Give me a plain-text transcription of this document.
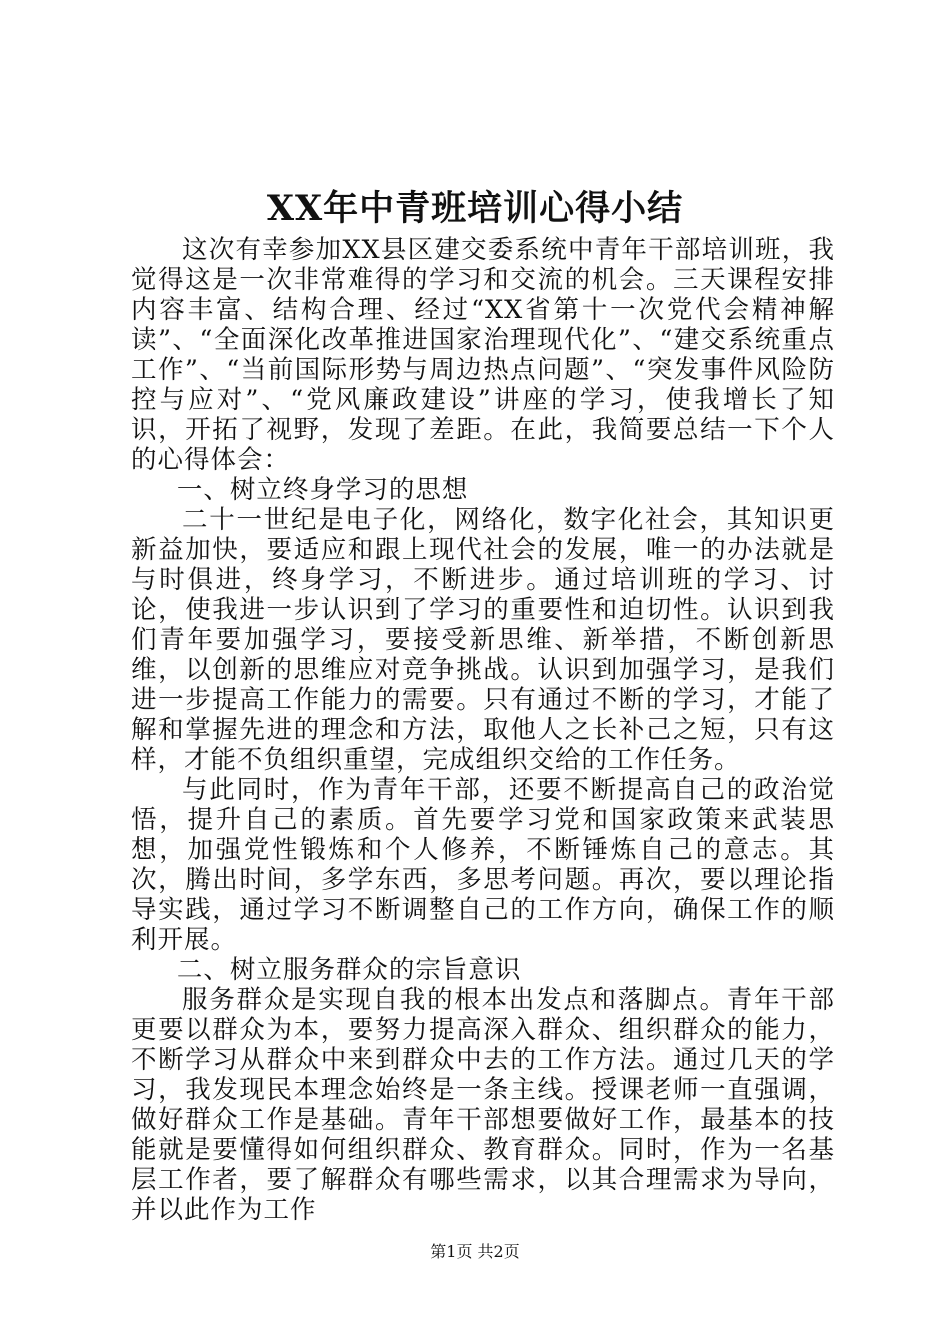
XX年中青班培训心得小结

这次有幸参加XX县区建交委系统中青年干部培训班，我觉得这是一次非常难得的学习和交流的机会。三天课程安排内容丰富、结构合理、经过“XX省第十一次党代会精神解读”、“全面深化改革推进国家治理现代化”、“建交系统重点工作”、“当前国际形势与周边热点问题”、“突发事件风险防控与应对”、“党风廉政建设”讲座的学习，使我增长了知识，开拓了视野，发现了差距。在此，我简要总结一下个人的心得体会：

一、树立终身学习的思想

二十一世纪是电子化，网络化，数字化社会，其知识更新益加快，要适应和跟上现代社会的发展，唯一的办法就是与时俱进，终身学习，不断进步。通过培训班的学习、讨论，使我进一步认识到了学习的重要性和迫切性。认识到我们青年要加强学习，要接受新思维、新举措，不断创新思维，以创新的思维应对竞争挑战。认识到加强学习，是我们进一步提高工作能力的需要。只有通过不断的学习，才能了解和掌握先进的理念和方法，取他人之长补己之短，只有这样，才能不负组织重望，完成组织交给的工作任务。

与此同时，作为青年干部，还要不断提高自己的政治觉悟，提升自己的素质。首先要学习党和国家政策来武装思想，加强党性锻炼和个人修养，不断锤炼自己的意志。其次，腾出时间，多学东西，多思考问题。再次，要以理论指导实践，通过学习不断调整自己的工作方向，确保工作的顺利开展。

二、树立服务群众的宗旨意识

服务群众是实现自我的根本出发点和落脚点。青年干部更要以群众为本，要努力提高深入群众、组织群众的能力，不断学习从群众中来到群众中去的工作方法。通过几天的学习，我发现民本理念始终是一条主线。授课老师一直强调，做好群众工作是基础。青年干部想要做好工作，最基本的技能就是要懂得如何组织群众、教育群众。同时，作为一名基层工作者，要了解群众有哪些需求，以其合理需求为导向，并以此作为工作

第1页 共2页
